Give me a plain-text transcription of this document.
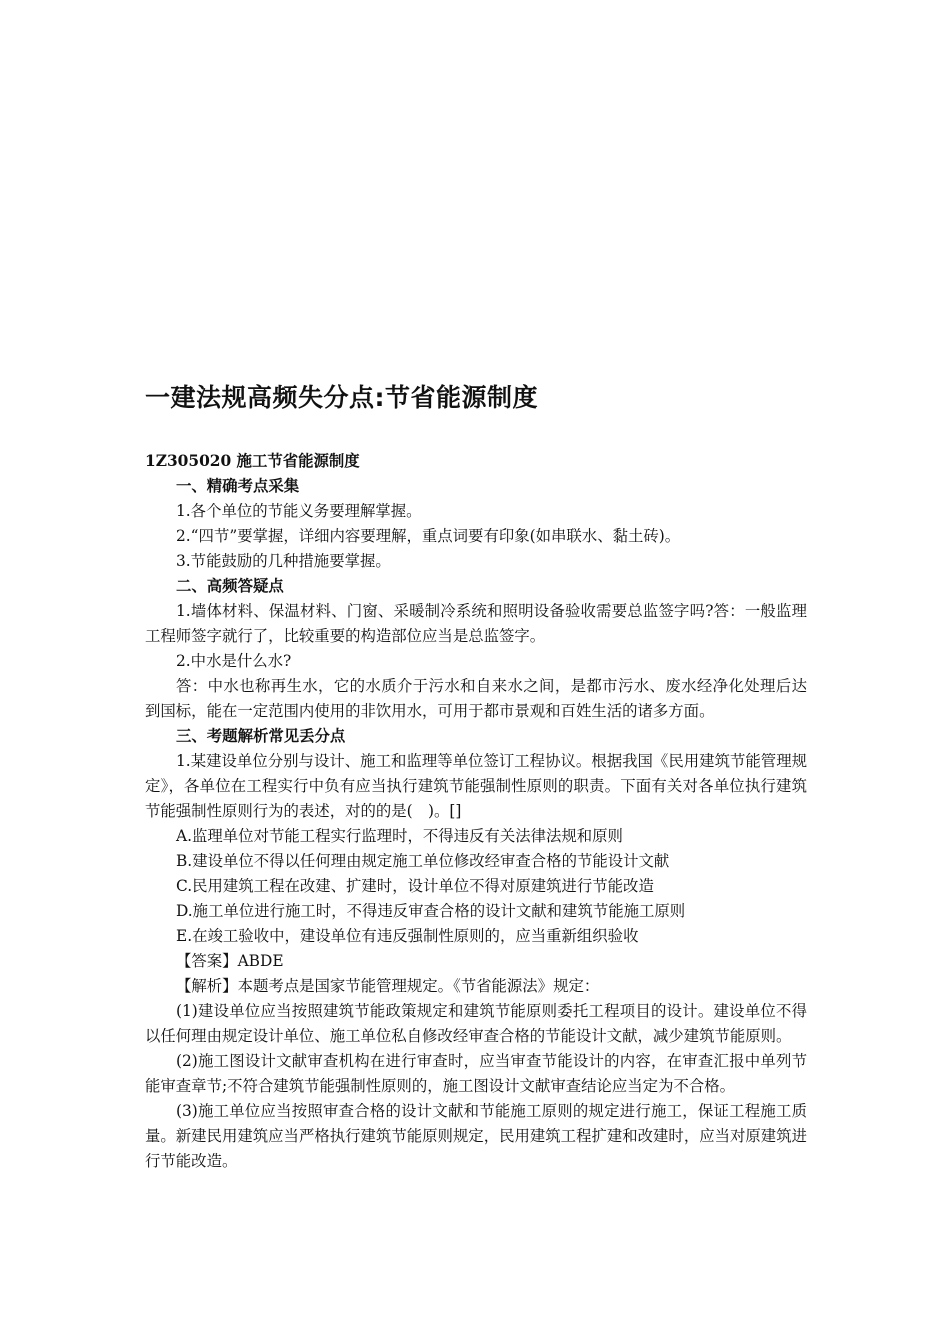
一建法规高频失分点:节省能源制度

1Z305020 施工节省能源制度

一、精确考点采集

1.各个单位的节能义务要理解掌握。

2.“四节”要掌握，详细内容要理解，重点词要有印象(如串联水、黏土砖)。

3.节能鼓励的几种措施要掌握。

二、高频答疑点

1.墙体材料、保温材料、门窗、采暖制冷系统和照明设备验收需要总监签字吗?答：一般监理工程师签字就行了，比较重要的构造部位应当是总监签字。

2.中水是什么水?

答：中水也称再生水，它的水质介于污水和自来水之间，是都市污水、废水经净化处理后达到国标，能在一定范围内使用的非饮用水，可用于都市景观和百姓生活的诸多方面。

三、考题解析常见丢分点

1.某建设单位分别与设计、施工和监理等单位签订工程协议。根据我国《民用建筑节能管理规定》，各单位在工程实行中负有应当执行建筑节能强制性原则的职责。下面有关对各单位执行建筑节能强制性原则行为的表述，对的的是(　)。[]

A.监理单位对节能工程实行监理时，不得违反有关法律法规和原则

B.建设单位不得以任何理由规定施工单位修改经审查合格的节能设计文献

C.民用建筑工程在改建、扩建时，设计单位不得对原建筑进行节能改造

D.施工单位进行施工时，不得违反审查合格的设计文献和建筑节能施工原则

E.在竣工验收中，建设单位有违反强制性原则的，应当重新组织验收

【答案】ABDE

【解析】本题考点是国家节能管理规定。《节省能源法》规定：

(1)建设单位应当按照建筑节能政策规定和建筑节能原则委托工程项目的设计。建设单位不得以任何理由规定设计单位、施工单位私自修改经审查合格的节能设计文献，减少建筑节能原则。

(2)施工图设计文献审查机构在进行审查时，应当审查节能设计的内容，在审查汇报中单列节能审查章节;不符合建筑节能强制性原则的，施工图设计文献审查结论应当定为不合格。

(3)施工单位应当按照审查合格的设计文献和节能施工原则的规定进行施工，保证工程施工质量。新建民用建筑应当严格执行建筑节能原则规定，民用建筑工程扩建和改建时，应当对原建筑进行节能改造。
